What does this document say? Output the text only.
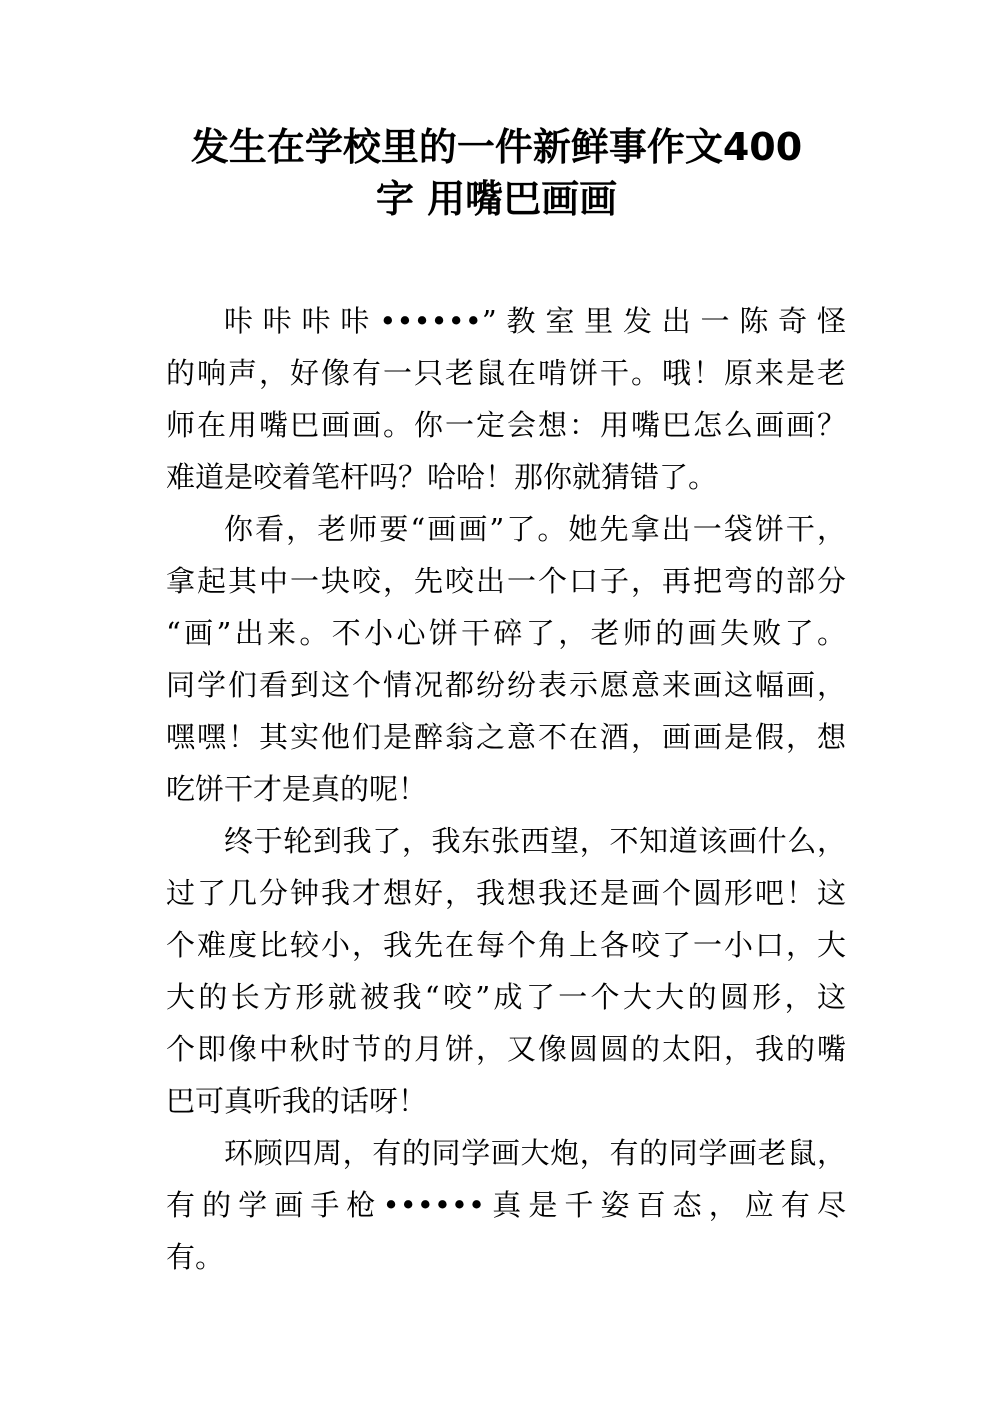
发生在学校里的一件新鲜事作文400
字 用嘴巴画画
咔咔咔咔••••••”教室里发出一陈奇怪
的响声，好像有一只老鼠在啃饼干。哦！原来是老
师在用嘴巴画画。你一定会想：用嘴巴怎么画画？
难道是咬着笔杆吗？哈哈！那你就猜错了。
你看，老师要“画画”了。她先拿出一袋饼干，
拿起其中一块咬，先咬出一个口子，再把弯的部分
“画”出来。不小心饼干碎了，老师的画失败了。
同学们看到这个情况都纷纷表示愿意来画这幅画，
嘿嘿！其实他们是醉翁之意不在酒，画画是假，想
吃饼干才是真的呢！
终于轮到我了，我东张西望，不知道该画什么，
过了几分钟我才想好，我想我还是画个圆形吧！这
个难度比较小，我先在每个角上各咬了一小口，大
大的长方形就被我“咬”成了一个大大的圆形，这
个即像中秋时节的月饼，又像圆圆的太阳，我的嘴
巴可真听我的话呀！
环顾四周，有的同学画大炮，有的同学画老鼠，
有的学画手枪••••••真是千姿百态，应有尽
有。
